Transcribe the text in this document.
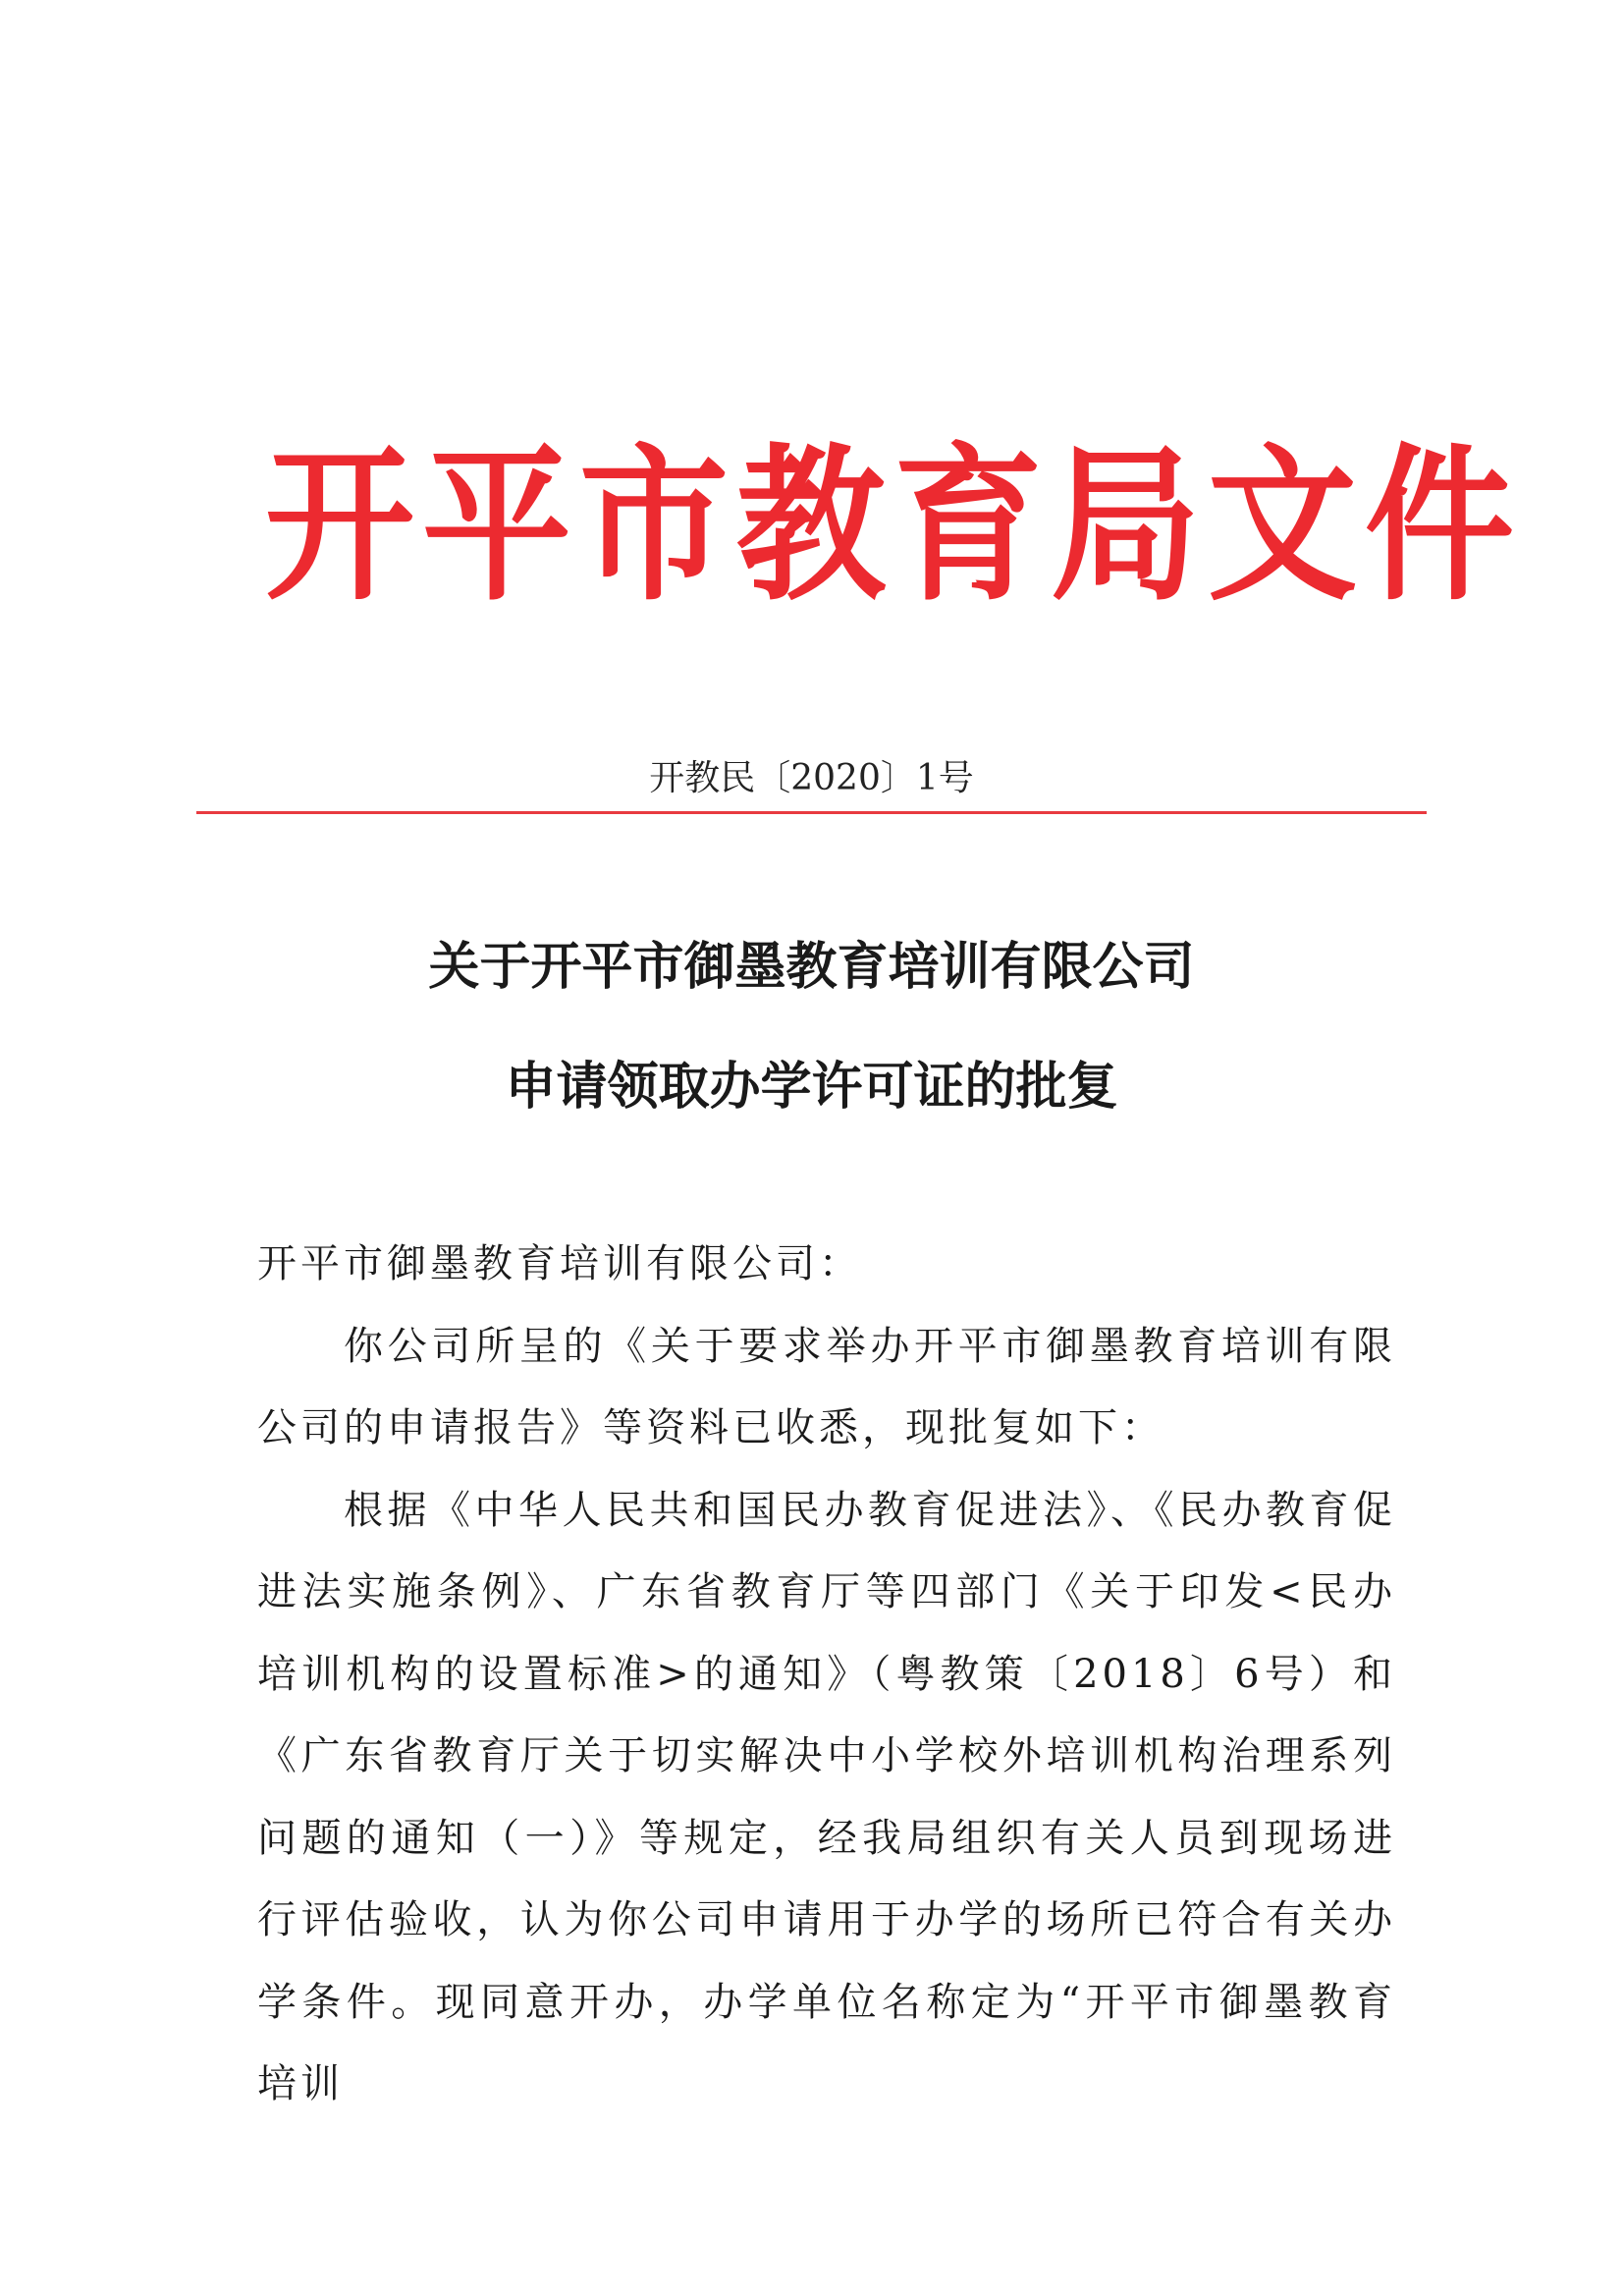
开平市教育局文件
开教民〔2020〕1号
关于开平市御墨教育培训有限公司
申请领取办学许可证的批复

开平市御墨教育培训有限公司：

你公司所呈的《关于要求举办开平市御墨教育培训有限公司的申请报告》等资料已收悉，现批复如下：

根据《中华人民共和国民办教育促进法》、《民办教育促进法实施条例》、广东省教育厅等四部门《关于印发<民办培训机构的设置标准>的通知》（粤教策〔2018〕6号）和《广东省教育厅关于切实解决中小学校外培训机构治理系列问题的通知（一）》等规定，经我局组织有关人员到现场进行评估验收，认为你公司申请用于办学的场所已符合有关办学条件。现同意开办，办学单位名称定为“开平市御墨教育培训
